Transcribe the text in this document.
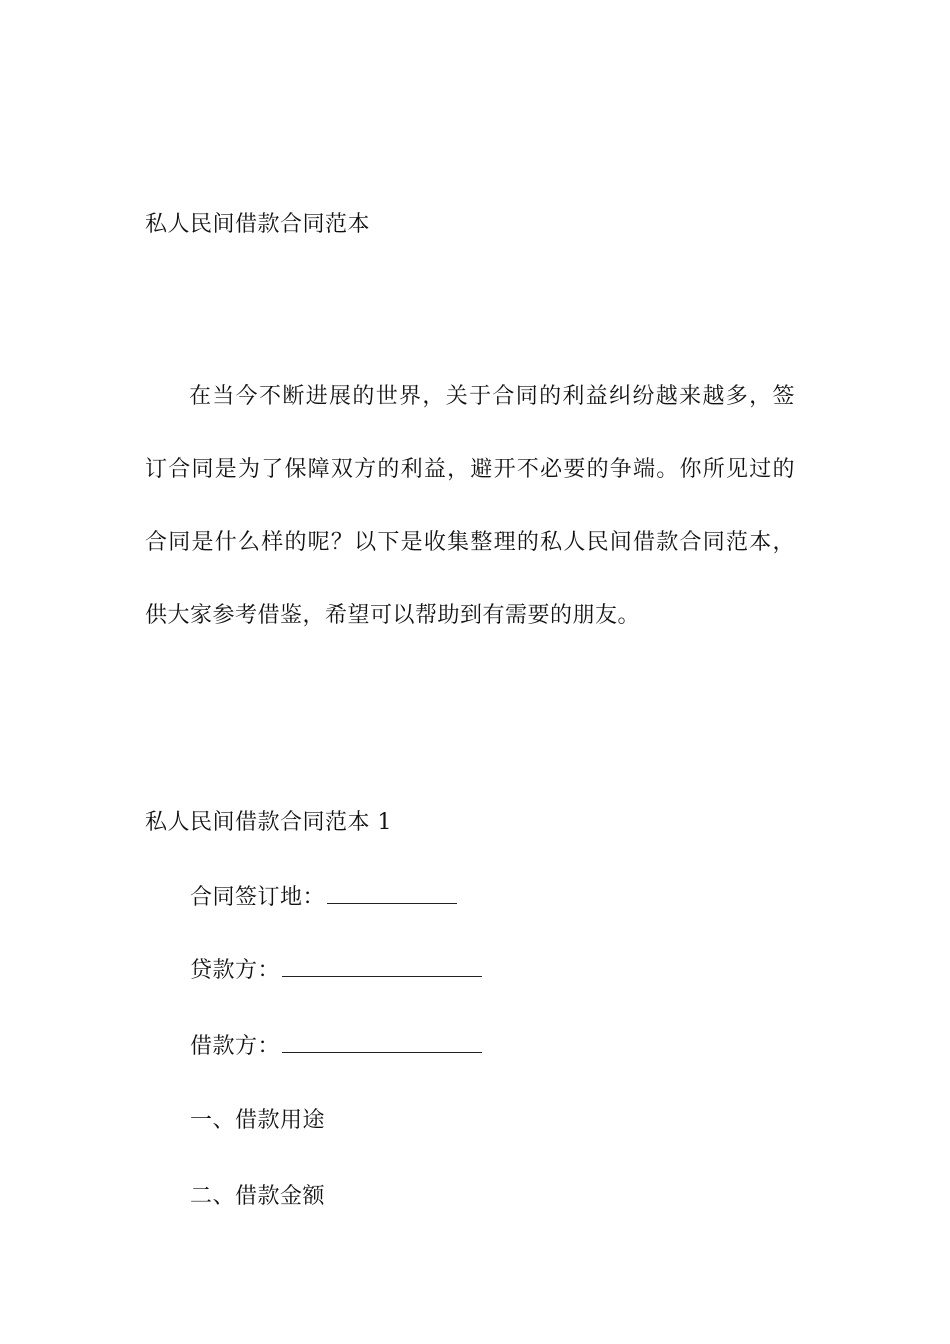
私人民间借款合同范本
在当今不断进展的世界，关于合同的利益纠纷越来越多，签订合同是为了保障双方的利益，避开不必要的争端。你所见过的合同是什么样的呢？以下是收集整理的私人民间借款合同范本，供大家参考借鉴，希望可以帮助到有需要的朋友。
私人民间借款合同范本 1
合同签订地：
贷款方：
借款方：
一、借款用途
二、借款金额
